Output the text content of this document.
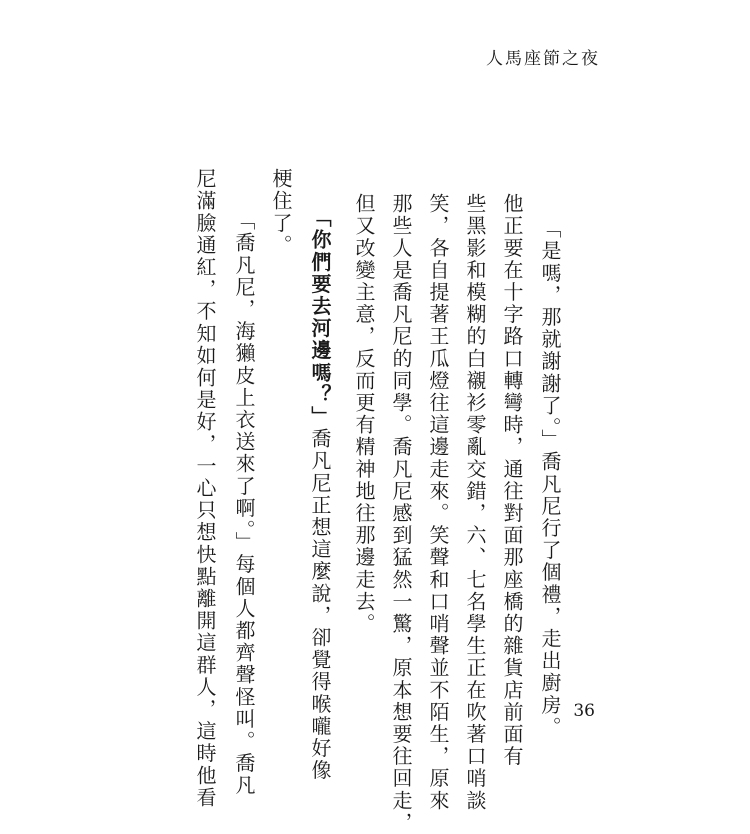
人馬座節之夜
「是嗎，那就謝謝了。」喬凡尼行了個禮，走出廚房。
他正要在十字路口轉彎時，通往對面那座橋的雜貨店前面有
些黑影和模糊的白襯衫零亂交錯，六、七名學生正在吹著口哨談
笑，各自提著王瓜燈往這邊走來。笑聲和口哨聲並不陌生，原來
那些人是喬凡尼的同學。喬凡尼感到猛然一驚，原本想要往回走，
但又改變主意，反而更有精神地往那邊走去。
「你們要去河邊嗎？」喬凡尼正想這麼說，卻覺得喉嚨好像
梗住了。
「喬凡尼，海獺皮上衣送來了啊。」每個人都齊聲怪叫。喬凡
尼滿臉通紅，不知如何是好，一心只想快點離開這群人，這時他看	36
